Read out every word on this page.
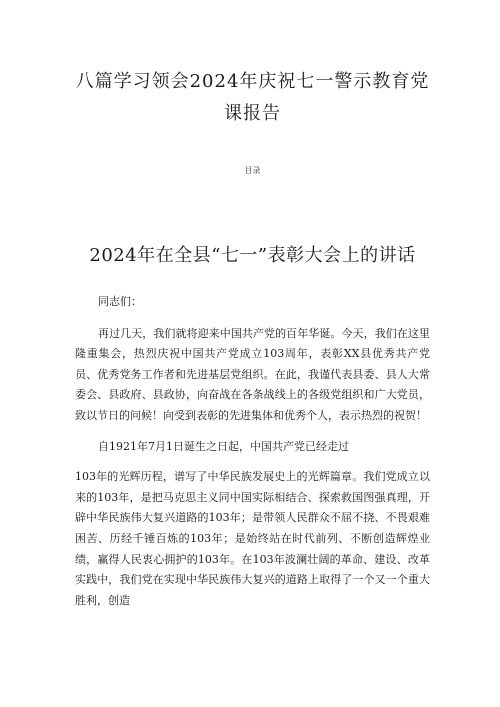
八篇学习领会2024年庆祝七一警示教育党课报告
目录
2024年在全县“七一”表彰大会上的讲话

同志们：

再过几天，我们就将迎来中国共产党的百年华诞。今天，我们在这里隆重集会，热烈庆祝中国共产党成立103周年，表彰XX县优秀共产党员、优秀党务工作者和先进基层党组织。在此，我谨代表县委、县人大常委会、县政府、县政协，向奋战在各条战线上的各级党组织和广大党员，致以节日的问候！向受到表彰的先进集体和优秀个人，表示热烈的祝贺！

自1921年7月1日诞生之日起，中国共产党已经走过

103年的光辉历程，谱写了中华民族发展史上的光辉篇章。我们党成立以来的103年，是把马克思主义同中国实际相结合、探索救国图强真理，开辟中华民族伟大复兴道路的103年；是带领人民群众不屈不挠、不畏艰难困苦、历经千锤百炼的103年；是始终站在时代前列、不断创造辉煌业绩，赢得人民衷心拥护的103年。在103年波澜壮阔的革命、建设、改革实践中，我们党在实现中华民族伟大复兴的道路上取得了一个又一个重大胜利，创造
